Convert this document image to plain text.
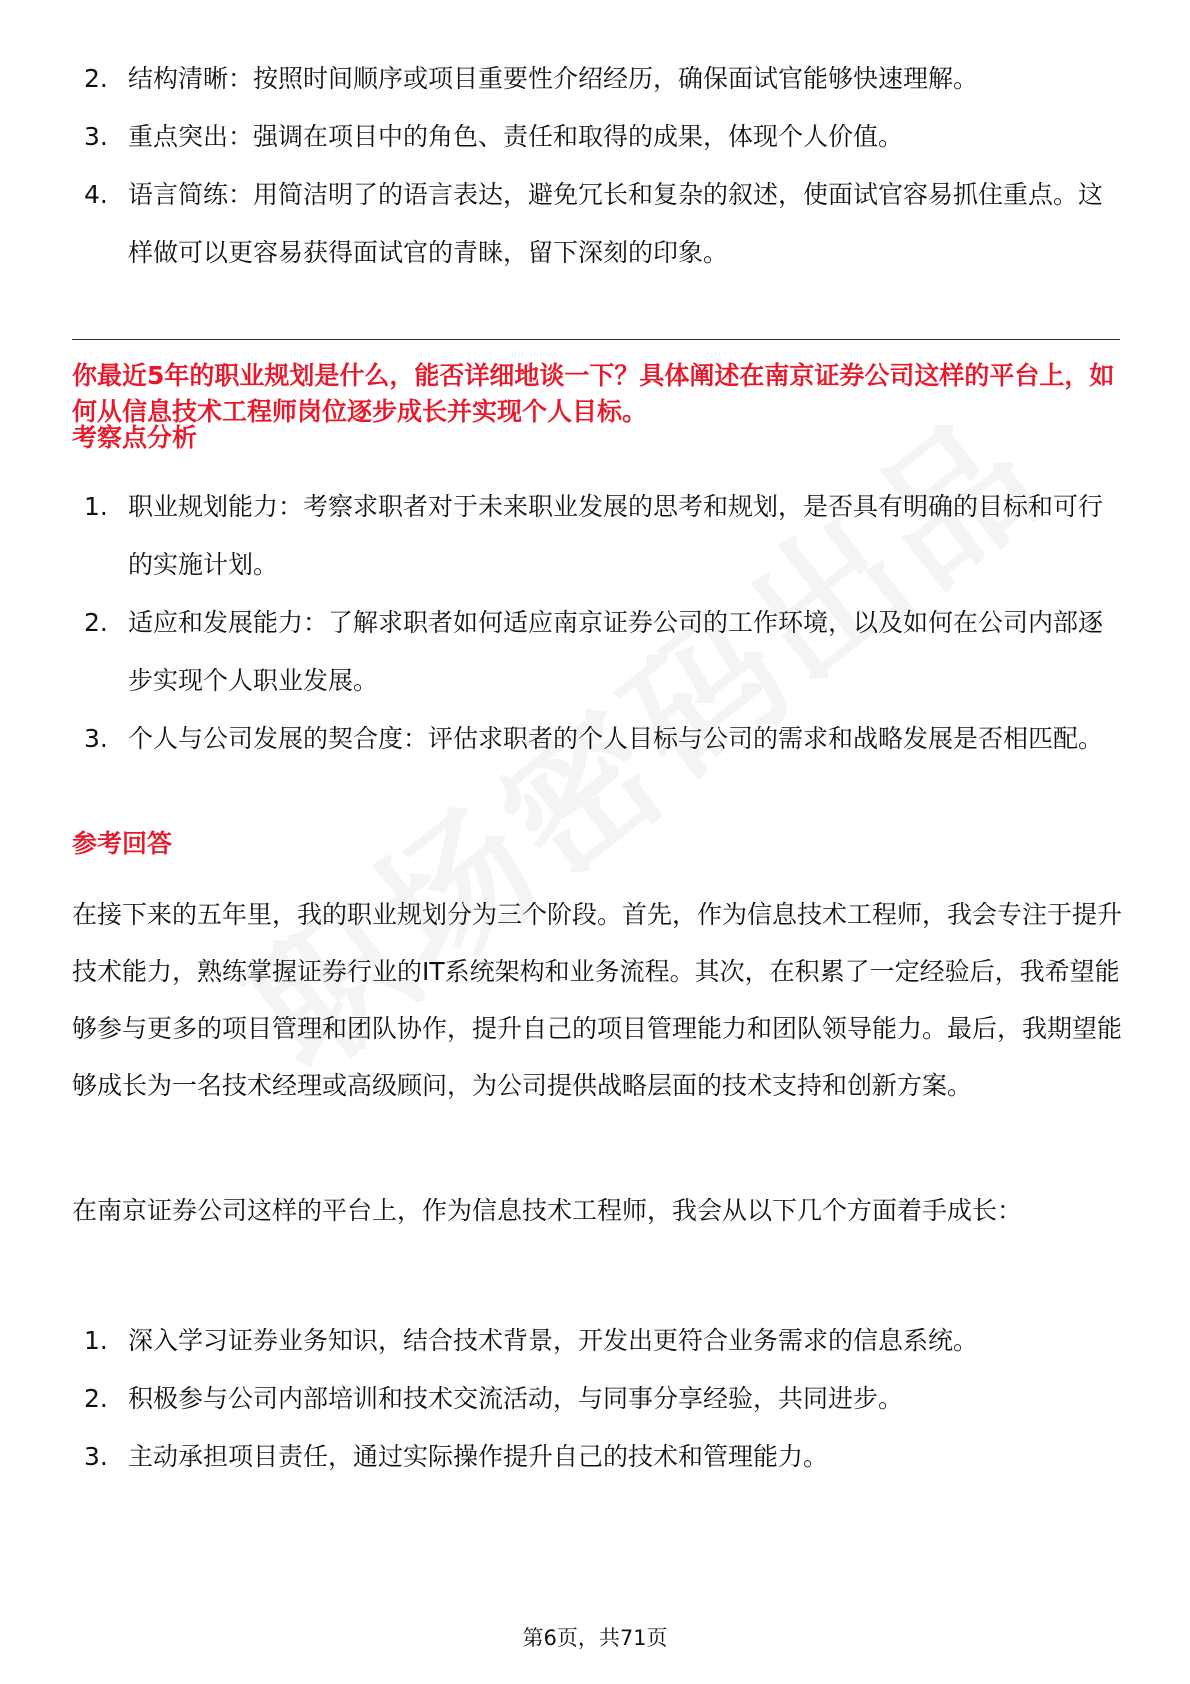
2. 结构清晰：按照时间顺序或项目重要性介绍经历，确保面试官能够快速理解。
3. 重点突出：强调在项目中的角色、责任和取得的成果，体现个人价值。
4. 语言简练：用简洁明了的语言表达，避免冗长和复杂的叙述，使面试官容易抓住重点。这样做可以更容易获得面试官的青睐，留下深刻的印象。

你最近5年的职业规划是什么，能否详细地谈一下？具体阐述在南京证券公司这样的平台上，如何从信息技术工程师岗位逐步成长并实现个人目标。

考察点分析
1. 职业规划能力：考察求职者对于未来职业发展的思考和规划，是否具有明确的目标和可行的实施计划。
2. 适应和发展能力：了解求职者如何适应南京证券公司的工作环境，以及如何在公司内部逐步实现个人职业发展。
3. 个人与公司发展的契合度：评估求职者的个人目标与公司的需求和战略发展是否相匹配。
参考回答

在接下来的五年里，我的职业规划分为三个阶段。首先，作为信息技术工程师，我会专注于提升技术能力，熟练掌握证券行业的IT系统架构和业务流程。其次，在积累了一定经验后，我希望能够参与更多的项目管理和团队协作，提升自己的项目管理能力和团队领导能力。最后，我期望能够成长为一名技术经理或高级顾问，为公司提供战略层面的技术支持和创新方案。

在南京证券公司这样的平台上，作为信息技术工程师，我会从以下几个方面着手成长：

1. 深入学习证券业务知识，结合技术背景，开发出更符合业务需求的信息系统。
2. 积极参与公司内部培训和技术交流活动，与同事分享经验，共同进步。
3. 主动承担项目责任，通过实际操作提升自己的技术和管理能力。
第6页，共71页
